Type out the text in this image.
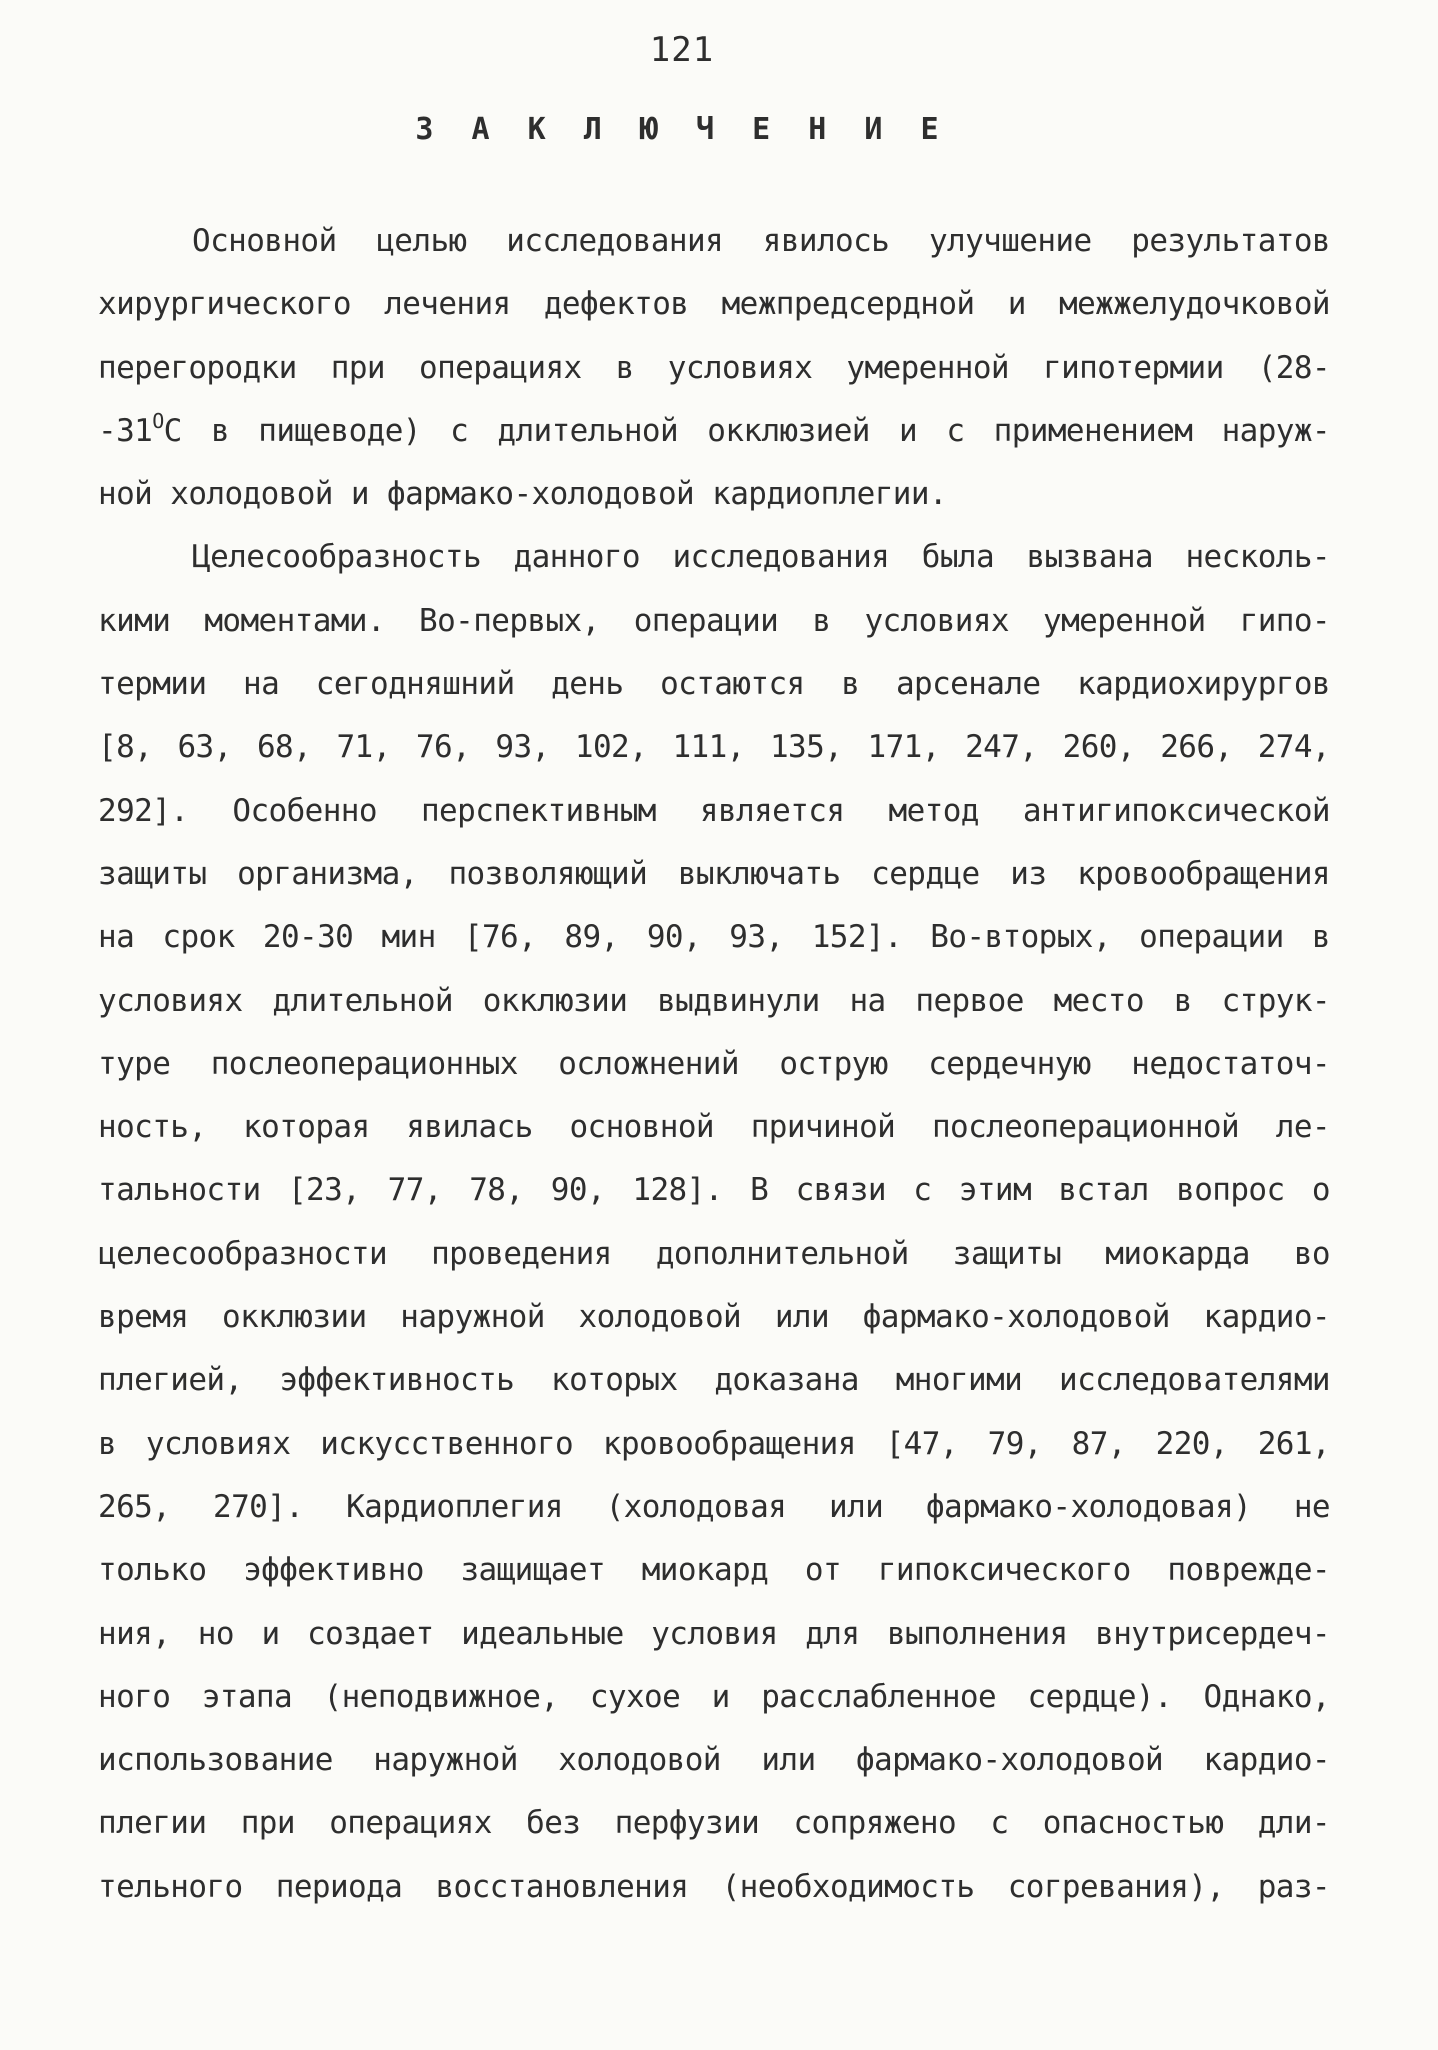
121
З А К Л Ю Ч Е Н И Е
Основной целью исследования явилось улучшение результатов
хирургического лечения дефектов межпредсердной и межжелудочковой
перегородки при операциях в условиях умеренной гипотермии (28-
$-31^ОС$ в пищеводе) с длительной окклюзией и с применением наруж-
ной холодовой и фармако-холодовой кардиоплегии.
Целесообразность данного исследования была вызвана несколь-
кими моментами. Во-первых, операции в условиях умеренной гипо-
термии на сегодняшний день остаются в арсенале кардиохирургов
[8, 63, 68, 71, 76, 93, 102, 111, 135, 171, 247, 260, 266, 274,
292]. Особенно перспективным является метод антигипоксической
защиты организма, позволяющий выключать сердце из кровообращения
на срок 20-30 мин [76, 89, 90, 93, 152]. Во-вторых, операции в
условиях длительной окклюзии выдвинули на первое место в струк-
туре послеоперационных осложнений острую сердечную недостаточ-
ность, которая явилась основной причиной послеоперационной ле-
тальности [23, 77, 78, 90, 128]. В связи с этим встал вопрос о
целесообразности проведения дополнительной защиты миокарда во
время окклюзии наружной холодовой или фармако-холодовой кардио-
плегией, эффективность которых доказана многими исследователями
в условиях искусственного кровообращения [47, 79, 87, 220, 261,
265, 270]. Кардиоплегия (холодовая или фармако-холодовая) не
только эффективно защищает миокард от гипоксического поврежде-
ния, но и создает идеальные условия для выполнения внутрисердеч-
ного этапа (неподвижное, сухое и расслабленное сердце). Однако,
использование наружной холодовой или фармако-холодовой кардио-
плегии при операциях без перфузии сопряжено с опасностью дли-
тельного периода восстановления (необходимость согревания), раз-
